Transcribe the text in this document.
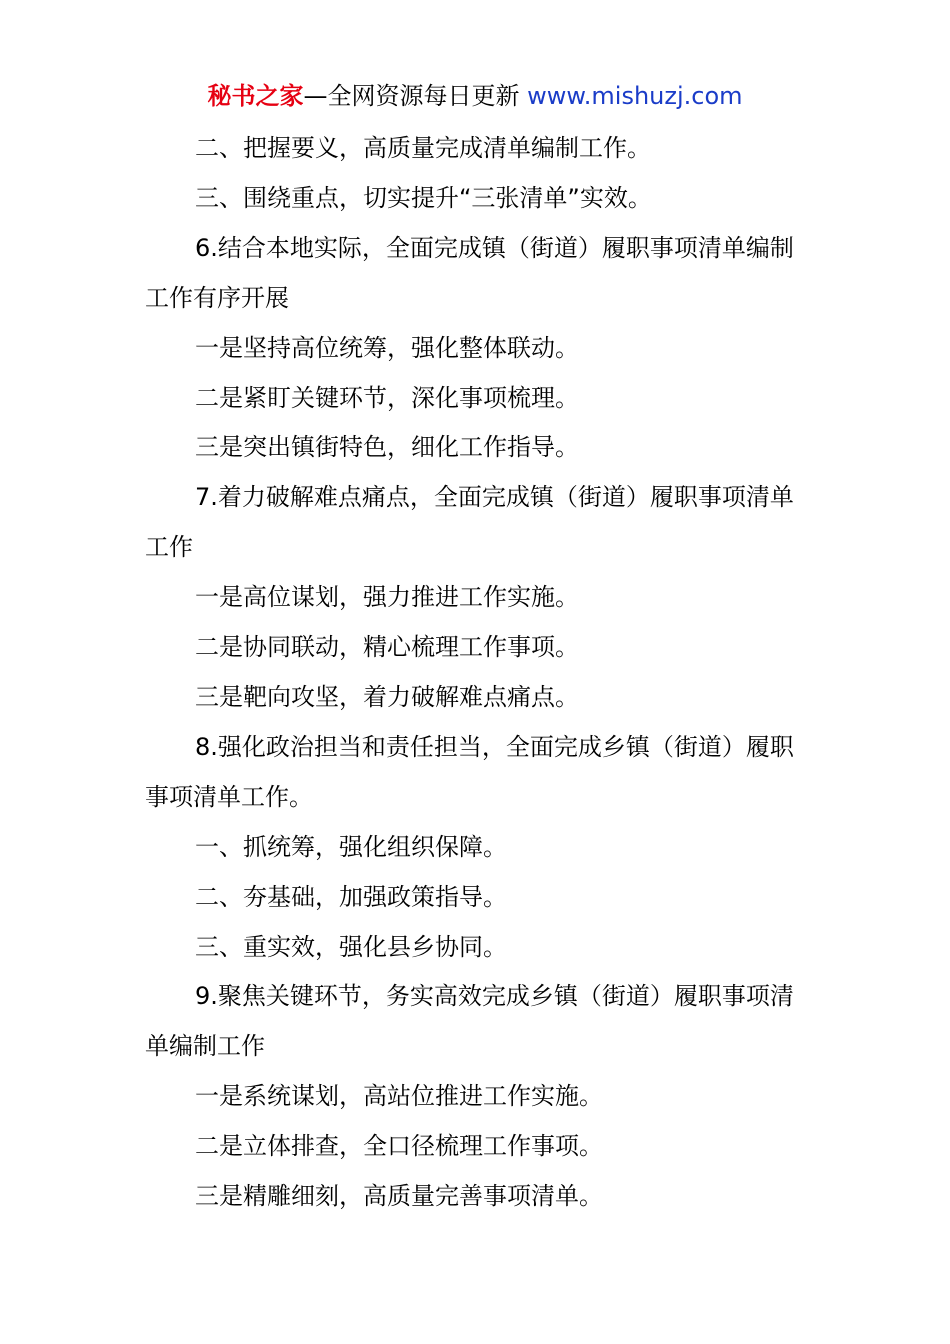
秘书之家—全网资源每日更新 www.mishuzj.com

二、把握要义，高质量完成清单编制工作。

三、围绕重点，切实提升“三张清单”实效。

6.结合本地实际，全面完成镇（街道）履职事项清单编制工作有序开展

一是坚持高位统筹，强化整体联动。

二是紧盯关键环节，深化事项梳理。

三是突出镇街特色，细化工作指导。

7.着力破解难点痛点，全面完成镇（街道）履职事项清单工作

一是高位谋划，强力推进工作实施。

二是协同联动，精心梳理工作事项。

三是靶向攻坚，着力破解难点痛点。

8.强化政治担当和责任担当，全面完成乡镇（街道）履职事项清单工作。

一、抓统筹，强化组织保障。

二、夯基础，加强政策指导。

三、重实效，强化县乡协同。

9.聚焦关键环节，务实高效完成乡镇（街道）履职事项清单编制工作

一是系统谋划，高站位推进工作实施。

二是立体排查，全口径梳理工作事项。

三是精雕细刻，高质量完善事项清单。
